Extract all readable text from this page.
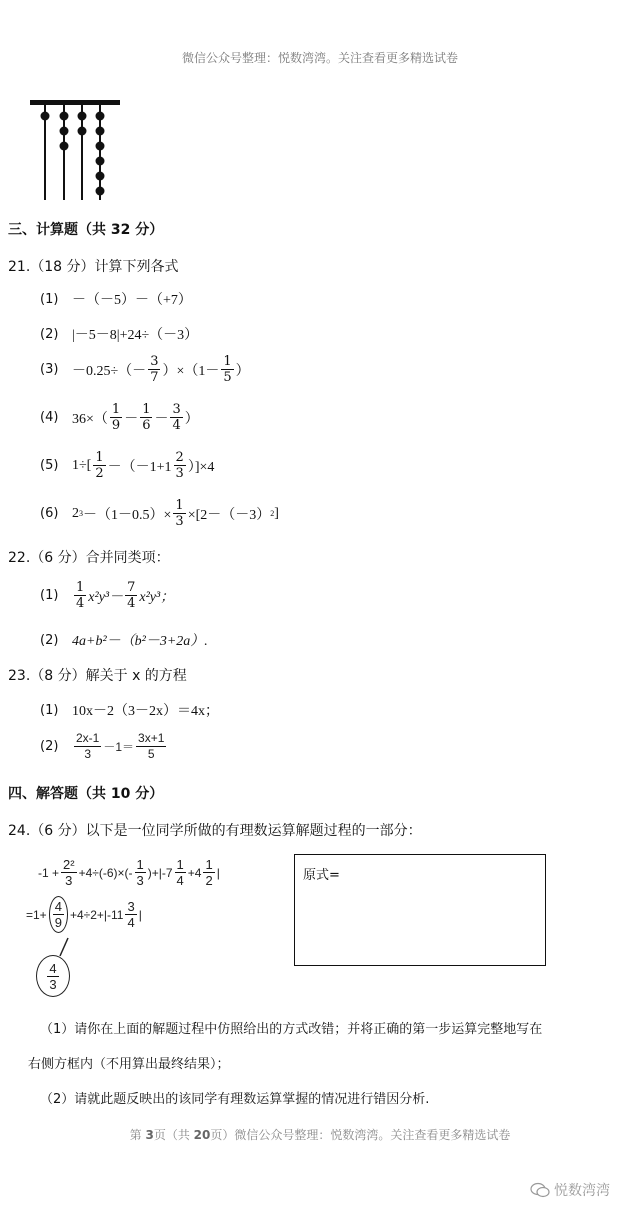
微信公众号整理：悦数湾湾。关注查看更多精选试卷
三、计算题（共 32 分）
21.（18 分）计算下列各式
(1) －（－5）－（+7）
(2) |－5－8|+24÷（－3）
$(3) -0.25\div(- \frac{3}{7} )\times(1- \frac{1}{5}$ ）
(4) $36\times( \frac{1}{9} - \frac{1}{6} - \frac{3}{4}$ ）
(5) $1\div[ \frac{1}{2} -(-1+1 \frac{2}{3} )]\times 4$
(6) 2 $3 -(1-0.5)\times \frac{1}{3} \times[2-(-3)$ 2 ]
22.（6 分）合并同类项：
(1)	$\frac{1}{4} x^2y^3- \frac{7}{4} x^2y^3$；
(2) 4a+b²－（b²－3+2a）.
23.（8 分）解关于 x 的方程
(1) 10x－2（3－2x）＝4x；
(2)	$\frac{2x-1}{3} -1= \frac{3x+1}{5}$
四、解答题（共 10 分）
24.（6 分）以下是一位同学所做的有理数运算解题过程的一部分：
$-1 + \frac{\text{2²}}{3} +4\div(-6)\times(- \frac{1}{3} )+|-7 \frac{1}{4} +4 \frac{1}{2}$ |
$=1+ \frac{4}{9} +4\div 2+|-11 \frac{3}{4}$ |
$\frac{4}{3}$
原式=
（1）请你在上面的解题过程中仿照给出的方式改错；并将正确的第一步运算完整地写在
右侧方框内（不用算出最终结果）；
（2）请就此题反映出的该同学有理数运算掌握的情况进行错因分析.
第 3页（共 20页）微信公众号整理：悦数湾湾。关注查看更多精选试卷
悦数湾湾
